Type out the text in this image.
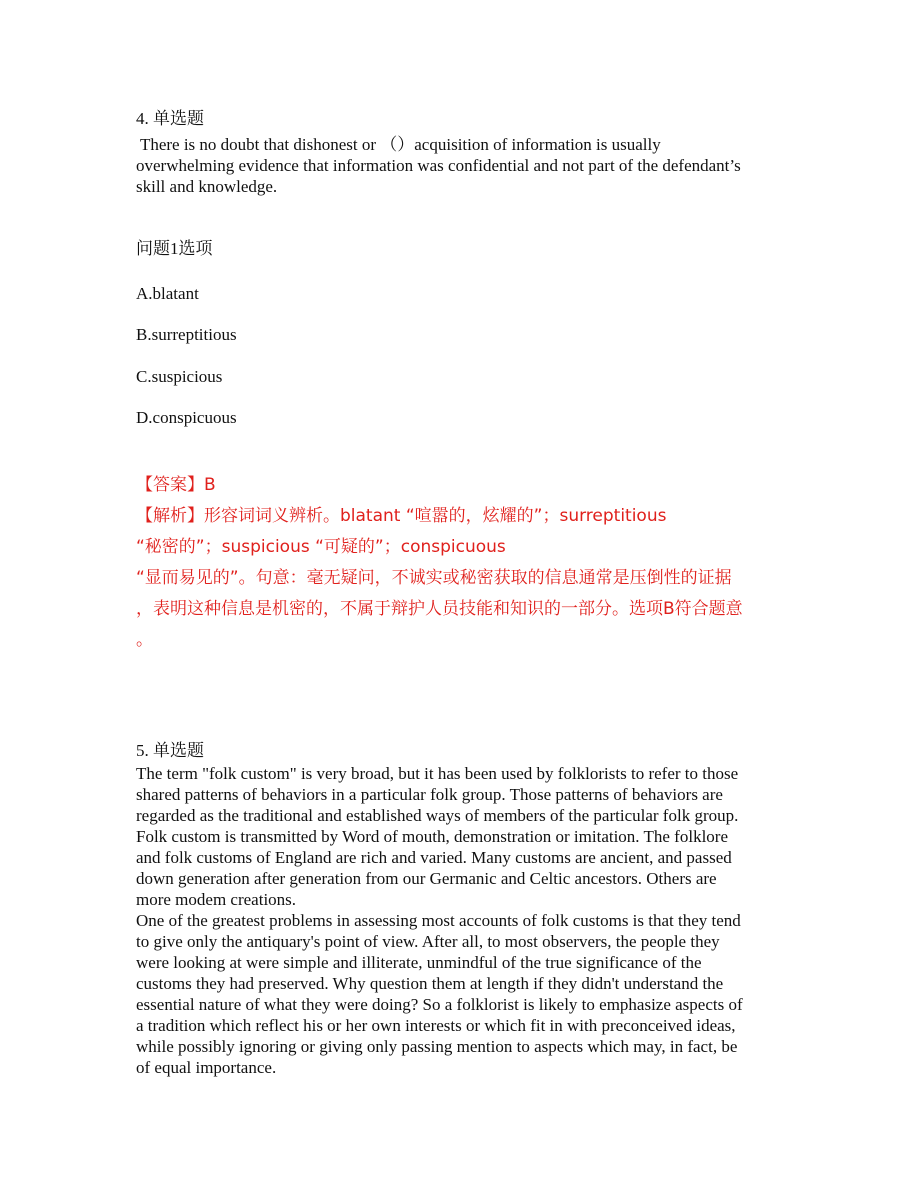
4. 单选题

There is no doubt that dishonest or （）acquisition of information is usually

overwhelming evidence that information was confidential and not part of the defendant’s

skill and knowledge.

问题1选项
A.blatant
B.surreptitious
C.suspicious
D.conspicuous
【答案】B
【解析】形容词词义辨析。blatant “喧嚣的，炫耀的”；surreptitious
“秘密的”；suspicious “可疑的”；conspicuous
“显而易见的”。句意：毫无疑问，不诚实或秘密获取的信息通常是压倒性的证据
，表明这种信息是机密的，不属于辩护人员技能和知识的一部分。选项B符合题意
。
5. 单选题

The term "folk custom" is very broad, but it has been used by folklorists to refer to those

shared patterns of behaviors in a particular folk group. Those patterns of behaviors are

regarded as the traditional and established ways of members of the particular folk group.

Folk custom is transmitted by Word of mouth, demonstration or imitation. The folklore

and folk customs of England are rich and varied. Many customs are ancient, and passed

down generation after generation from our Germanic and Celtic ancestors. Others are

more modem creations.

One of the greatest problems in assessing most accounts of folk customs is that they tend

to give only the antiquary's point of view. After all, to most observers, the people they

were looking at were simple and illiterate, unmindful of the true significance of the

customs they had preserved. Why question them at length if they didn't understand the

essential nature of what they were doing? So a folklorist is likely to emphasize aspects of

a tradition which reflect his or her own interests or which fit in with preconceived ideas,

while possibly ignoring or giving only passing mention to aspects which may, in fact, be

of equal importance.
